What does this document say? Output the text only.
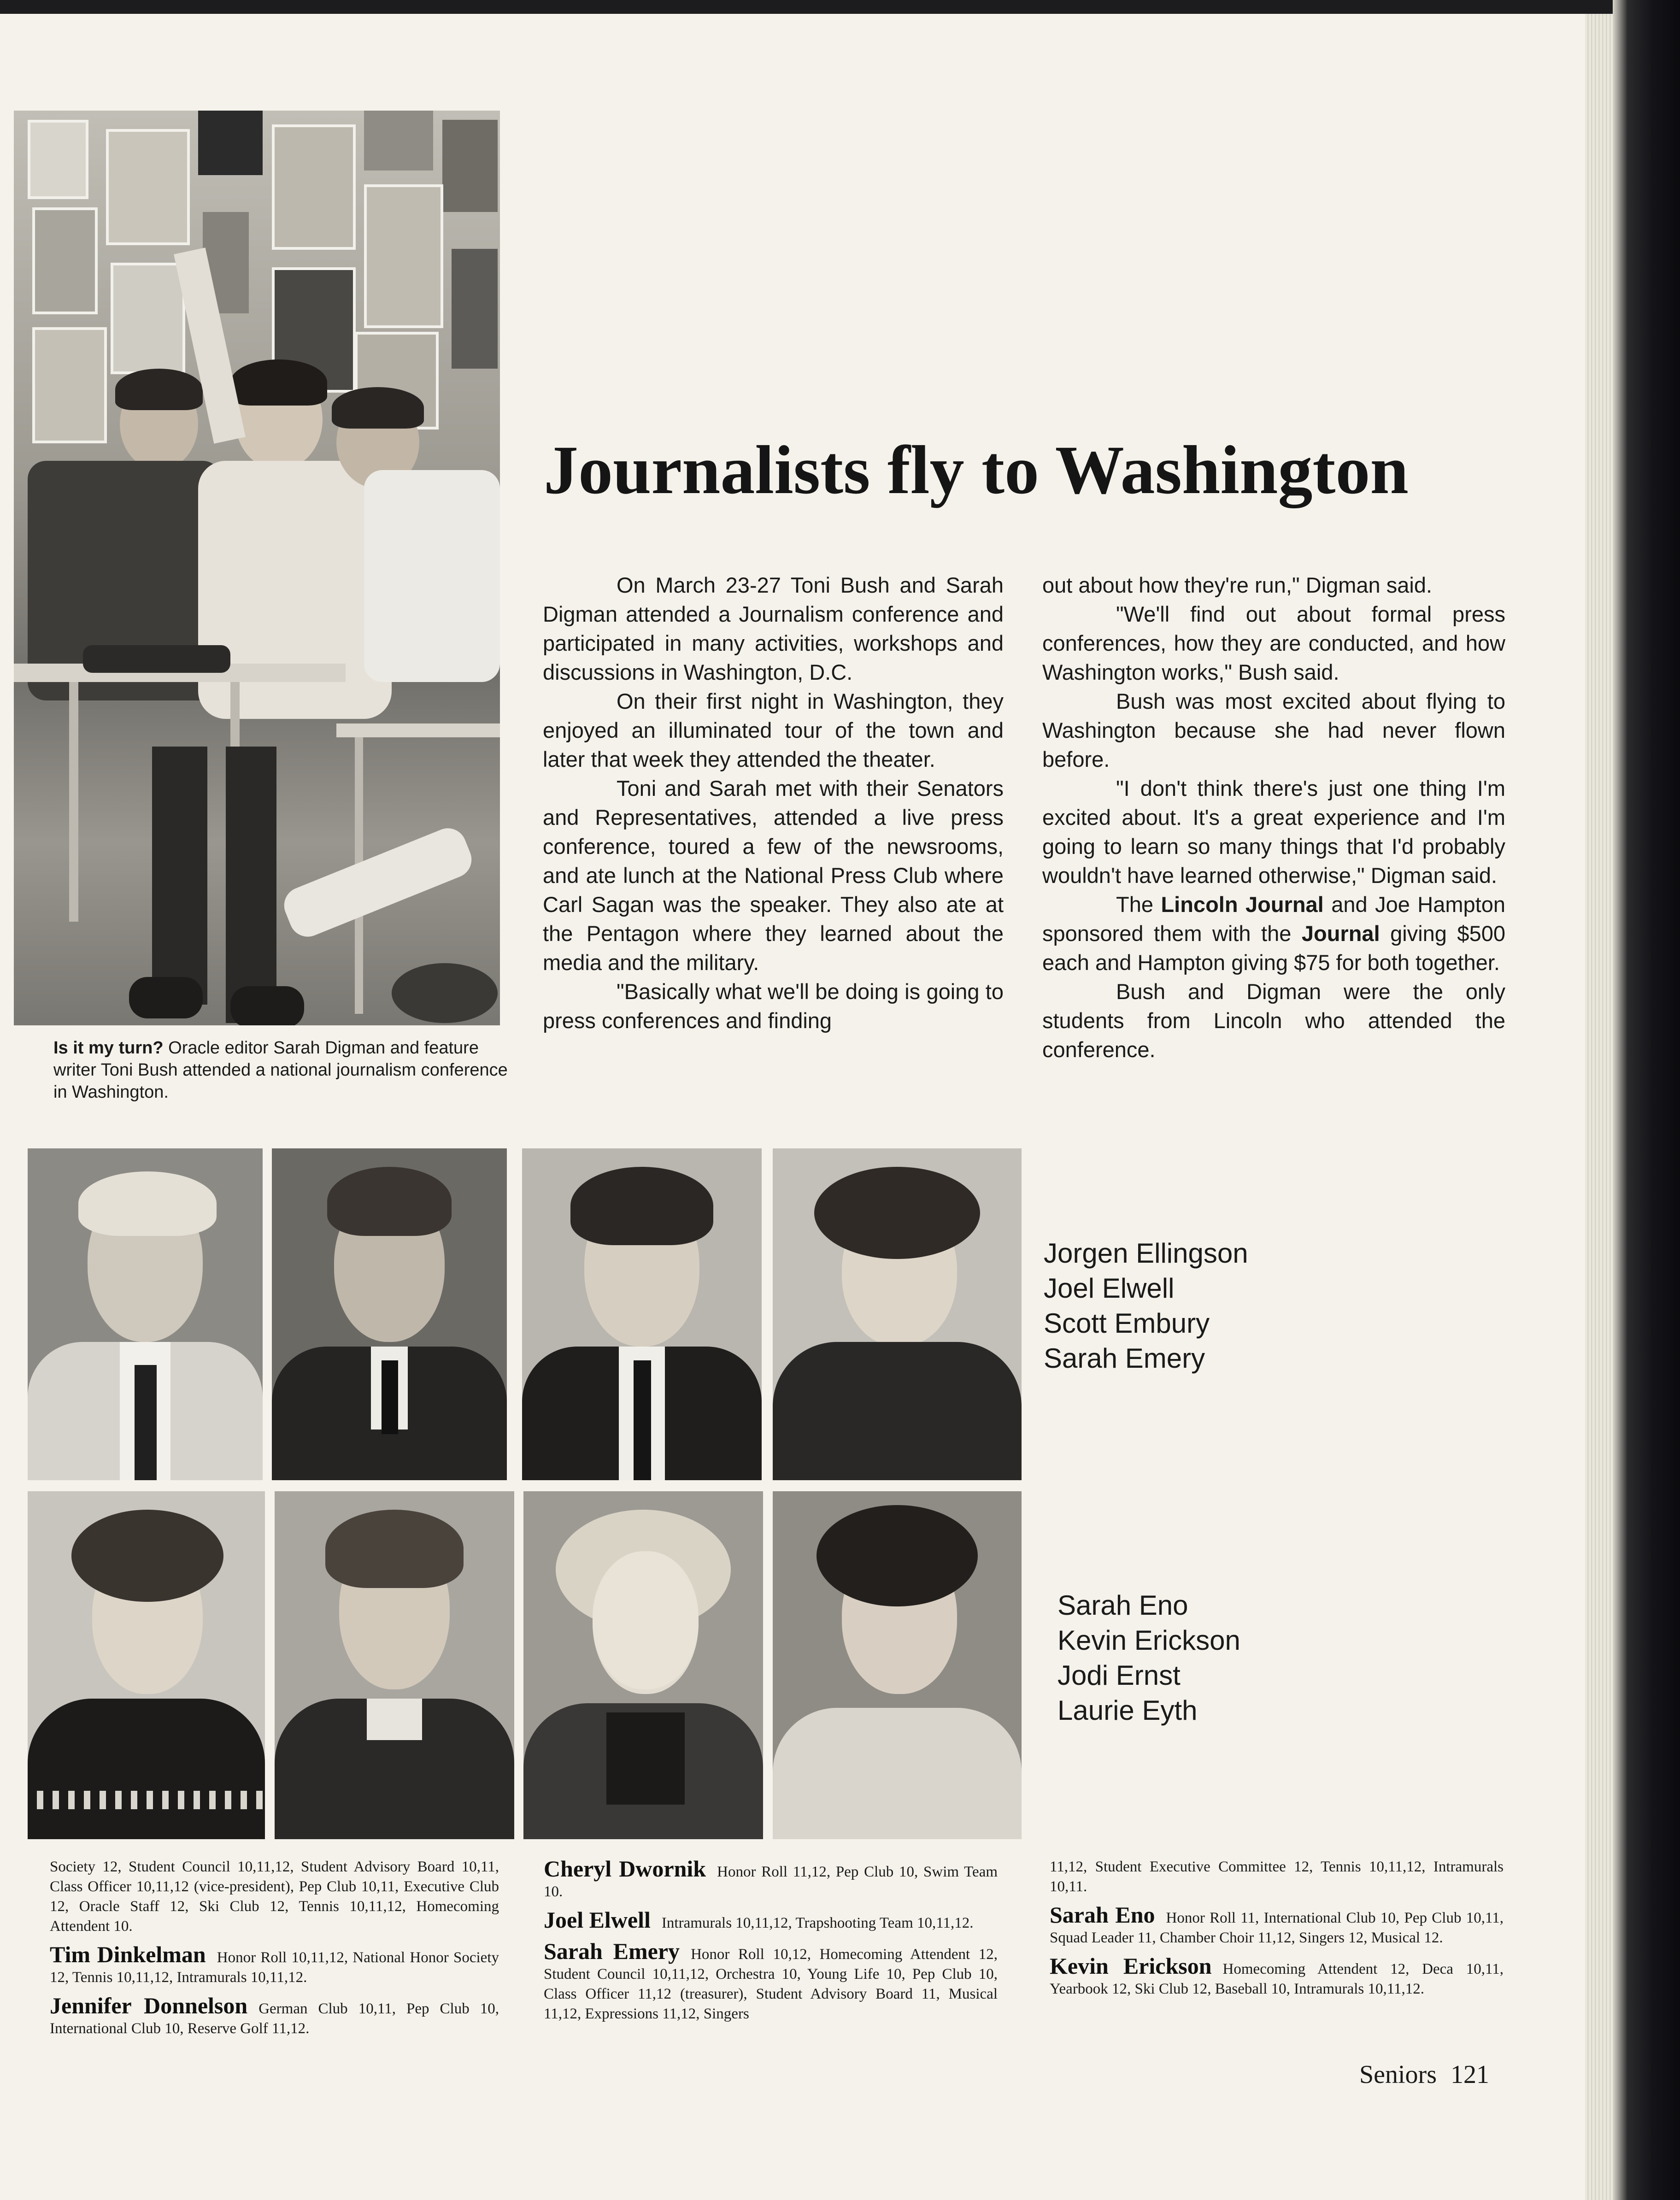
Journalists fly to Washington
Is it my turn? Oracle editor Sarah Digman and feature writer Toni Bush attended a national journalism conference in Washington.

On March 23-27 Toni Bush and Sarah Digman attended a Journalism conference and participated in many activities, workshops and discussions in Washington, D.C.

On their first night in Washington, they enjoyed an illuminated tour of the town and later that week they attended the theater.

Toni and Sarah met with their Senators and Representatives, attended a live press conference, toured a few of the newsrooms, and ate lunch at the National Press Club where Carl Sagan was the speaker. They also ate at the Pentagon where they learned about the media and the military.

"Basically what we'll be doing is going to press conferences and finding

out about how they're run," Digman said.

"We'll find out about formal press conferences, how they are conducted, and how Washington works," Bush said.

Bush was most excited about flying to Washington because she had never flown before.

"I don't think there's just one thing I'm excited about. It's a great experience and I'm going to learn so many things that I'd probably wouldn't have learned otherwise," Digman said.

The Lincoln Journal and Joe Hampton sponsored them with the Journal giving $500 each and Hampton giving $75 for both together.

Bush and Digman were the only students from Lincoln who attended the conference.

Jorgen Ellingson
Joel Elwell
Scott Embury
Sarah Emery
Sarah Eno
Kevin Erickson
Jodi Ernst
Laurie Eyth

Society 12, Student Council 10,11,12, Student Advisory Board 10,11, Class Officer 10,11,12 (vice-president), Pep Club 10,11, Executive Club 12, Oracle Staff 12, Ski Club 12, Tennis 10,11,12, Homecoming Attendent 10.

Tim Dinkelman Honor Roll 10,11,12, National Honor Society 12, Tennis 10,11,12, Intramurals 10,11,12.

Jennifer Donnelson German Club 10,11, Pep Club 10, International Club 10, Reserve Golf 11,12.

Cheryl Dwornik Honor Roll 11,12, Pep Club 10, Swim Team 10.

Joel Elwell Intramurals 10,11,12, Trapshooting Team 10,11,12.

Sarah Emery Honor Roll 10,12, Homecoming Attendent 12, Student Council 10,11,12, Orchestra 10, Young Life 10, Pep Club 10, Class Officer 11,12 (treasurer), Student Advisory Board 11, Musical 11,12, Expressions 11,12, Singers

11,12, Student Executive Committee 12, Tennis 10,11,12, Intramurals 10,11.

Sarah Eno Honor Roll 11, International Club 10, Pep Club 10,11, Squad Leader 11, Chamber Choir 11,12, Singers 12, Musical 12.

Kevin Erickson Homecoming Attendent 12, Deca 10,11, Yearbook 12, Ski Club 12, Baseball 10, Intramurals 10,11,12.

Seniors 121
